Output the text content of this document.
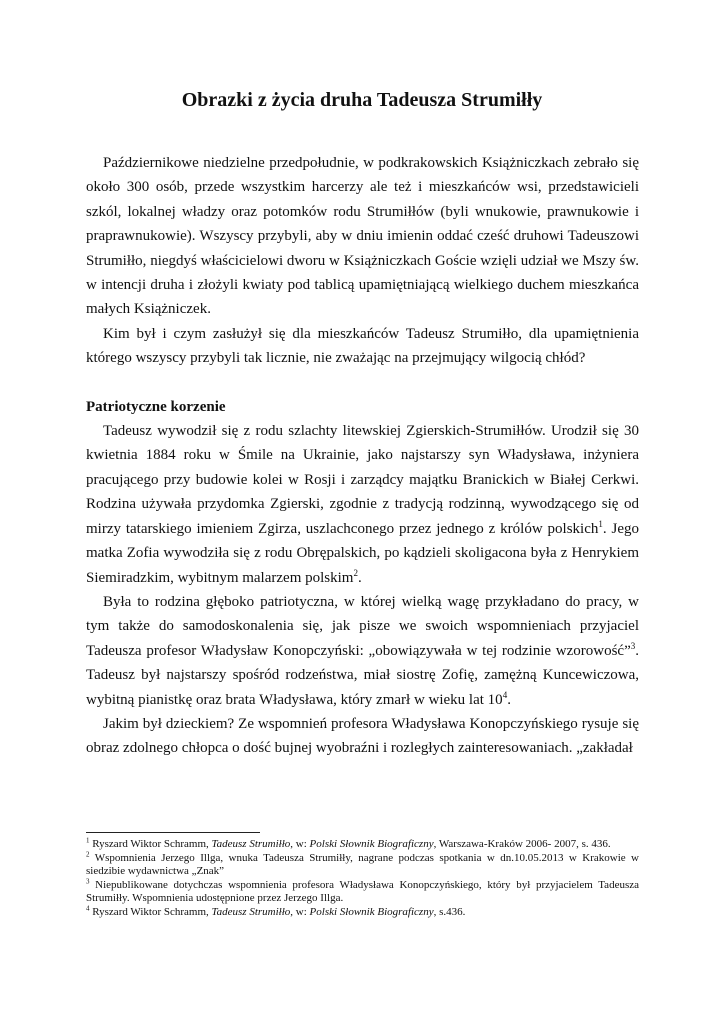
Obrazki z życia druha Tadeusza Strumiłły

Październikowe niedzielne przedpołudnie, w podkrakowskich Książniczkach zebrało się około 300 osób, przede wszystkim harcerzy ale też i mieszkańców wsi, przedstawicieli szkól, lokalnej władzy oraz potomków rodu Strumiłłów (byli wnukowie, prawnukowie i praprawnukowie). Wszyscy przybyli, aby w dniu imienin oddać cześć druhowi Tadeuszowi Strumiłło, niegdyś właścicielowi dworu w Książniczkach Goście wzięli udział we Mszy św. w intencji druha i złożyli kwiaty pod tablicą upamiętniającą wielkiego duchem mieszkańca małych Książniczek.

Kim był i czym zasłużył się dla mieszkańców Tadeusz Strumiłło, dla upamiętnienia którego wszyscy przybyli tak licznie, nie zważając na przejmujący wilgocią chłód?

Patriotyczne korzenie

Tadeusz wywodził się z rodu szlachty litewskiej Zgierskich-Strumiłłów. Urodził się 30 kwietnia 1884 roku w Śmile na Ukrainie, jako najstarszy syn Władysława, inżyniera pracującego przy budowie kolei w Rosji i zarządcy majątku Branickich w Białej Cerkwi. Rodzina używała przydomka Zgierski, zgodnie z tradycją rodzinną, wywodzącego się od mirzy tatarskiego imieniem Zgirza, uszlachconego przez jednego z królów polskich$^1$. Jego matka Zofia wywodziła się z rodu Obrępalskich, po kądzieli skoligacona była z Henrykiem Siemiradzkim, wybitnym malarzem polskim$^2$.

Była to rodzina głęboko patriotyczna, w której wielką wagę przykładano do pracy, w tym także do samodoskonalenia się, jak pisze we swoich wspomnieniach przyjaciel Tadeusza profesor Władysław Konopczyński: „obowiązywała w tej rodzinie wzorowość”$^3$. Tadeusz był najstarszy spośród rodzeństwa, miał siostrę Zofię, zamężną Kuncewiczowa, wybitną pianistkę oraz brata Władysława, który zmarł w wieku lat $10^4$.

Jakim był dzieckiem? Ze wspomnień profesora Władysława Konopczyńskiego rysuje się obraz zdolnego chłopca o dość bujnej wyobraźni i rozległych zainteresowaniach. „zakładał

$^1$ Ryszard Wiktor Schramm, Tadeusz Strumiłło, w: Polski Słownik Biograficzny, Warszawa-Kraków 2006- 2007, s. 436.

$^2$ Wspomnienia Jerzego Illga, wnuka Tadeusza Strumiłły, nagrane podczas spotkania w dn.10.05.2013 w Krakowie w siedzibie wydawnictwa „Znak”

$^3$ Niepublikowane dotychczas wspomnienia profesora Władysława Konopczyńskiego, który był przyjacielem Tadeusza Strumiłły. Wspomnienia udostępnione przez Jerzego Illga.

$^4$ Ryszard Wiktor Schramm, Tadeusz Strumiłło, w: Polski Słownik Biograficzny, s.436.
